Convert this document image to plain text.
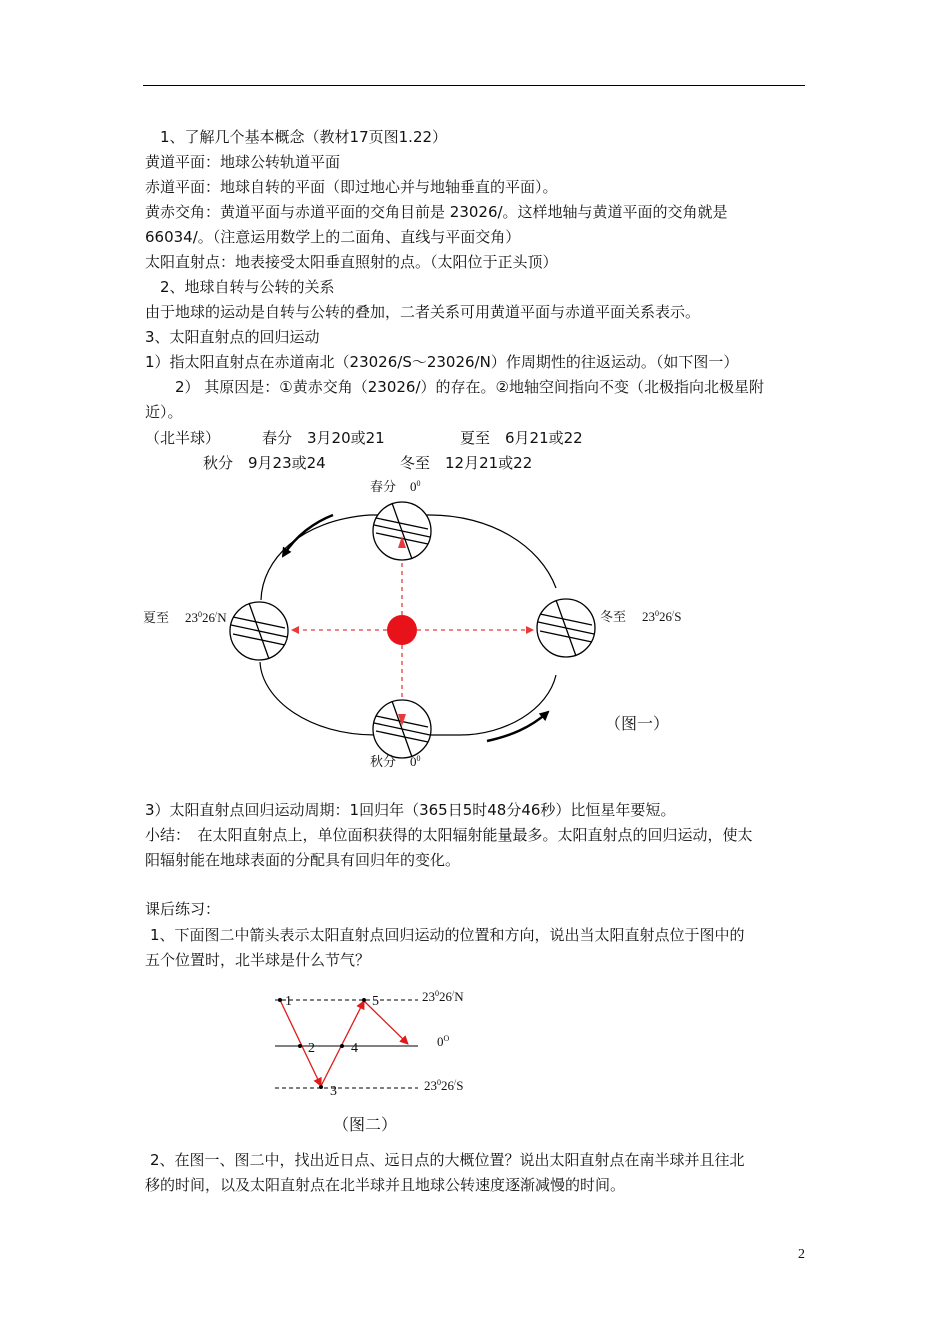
1、了解几个基本概念（教材17页图1.22）
黄道平面：地球公转轨道平面
赤道平面：地球自转的平面（即过地心并与地轴垂直的平面）。
黄赤交角：黄道平面与赤道平面的交角目前是 23026/。这样地轴与黄道平面的交角就是
66034/。（注意运用数学上的二面角、直线与平面交角）
太阳直射点：地表接受太阳垂直照射的点。（太阳位于正头顶）
2、地球自转与公转的关系
由于地球的运动是自转与公转的叠加，二者关系可用黄道平面与赤道平面关系表示。
3、太阳直射点的回归运动
1）指太阳直射点在赤道南北（23026/S～23026/N）作周期性的往返运动。（如下图一）
2） 其原因是：①黄赤交角（23026/）的存在。②地轴空间指向不变（北极指向北极星附
近）。
（北半球）	春分　3月20或21	夏至　6月21或22
秋分　9月23或24	冬至　12月21或22
春分 $0^0$
夏至 $23^026^/N$	冬至 $23^026^/S$
秋分 $0^0$
（图一）
3）太阳直射点回归运动周期：1回归年（365日5时48分46秒）比恒星年要短。
小结：　在太阳直射点上，单位面积获得的太阳辐射能量最多。太阳直射点的回归运动，使太
阳辐射能在地球表面的分配具有回归年的变化。
课后练习：
1、下面图二中箭头表示太阳直射点回归运动的位置和方向，说出当太阳直射点位于图中的
五个位置时，北半球是什么节气？
1
2
3
4
5	$23^026^/N$
$0^O$
$23^026^/S$
（图二）
2、在图一、图二中，找出近日点、远日点的大概位置？说出太阳直射点在南半球并且往北
移的时间，以及太阳直射点在北半球并且地球公转速度逐渐减慢的时间。
2
